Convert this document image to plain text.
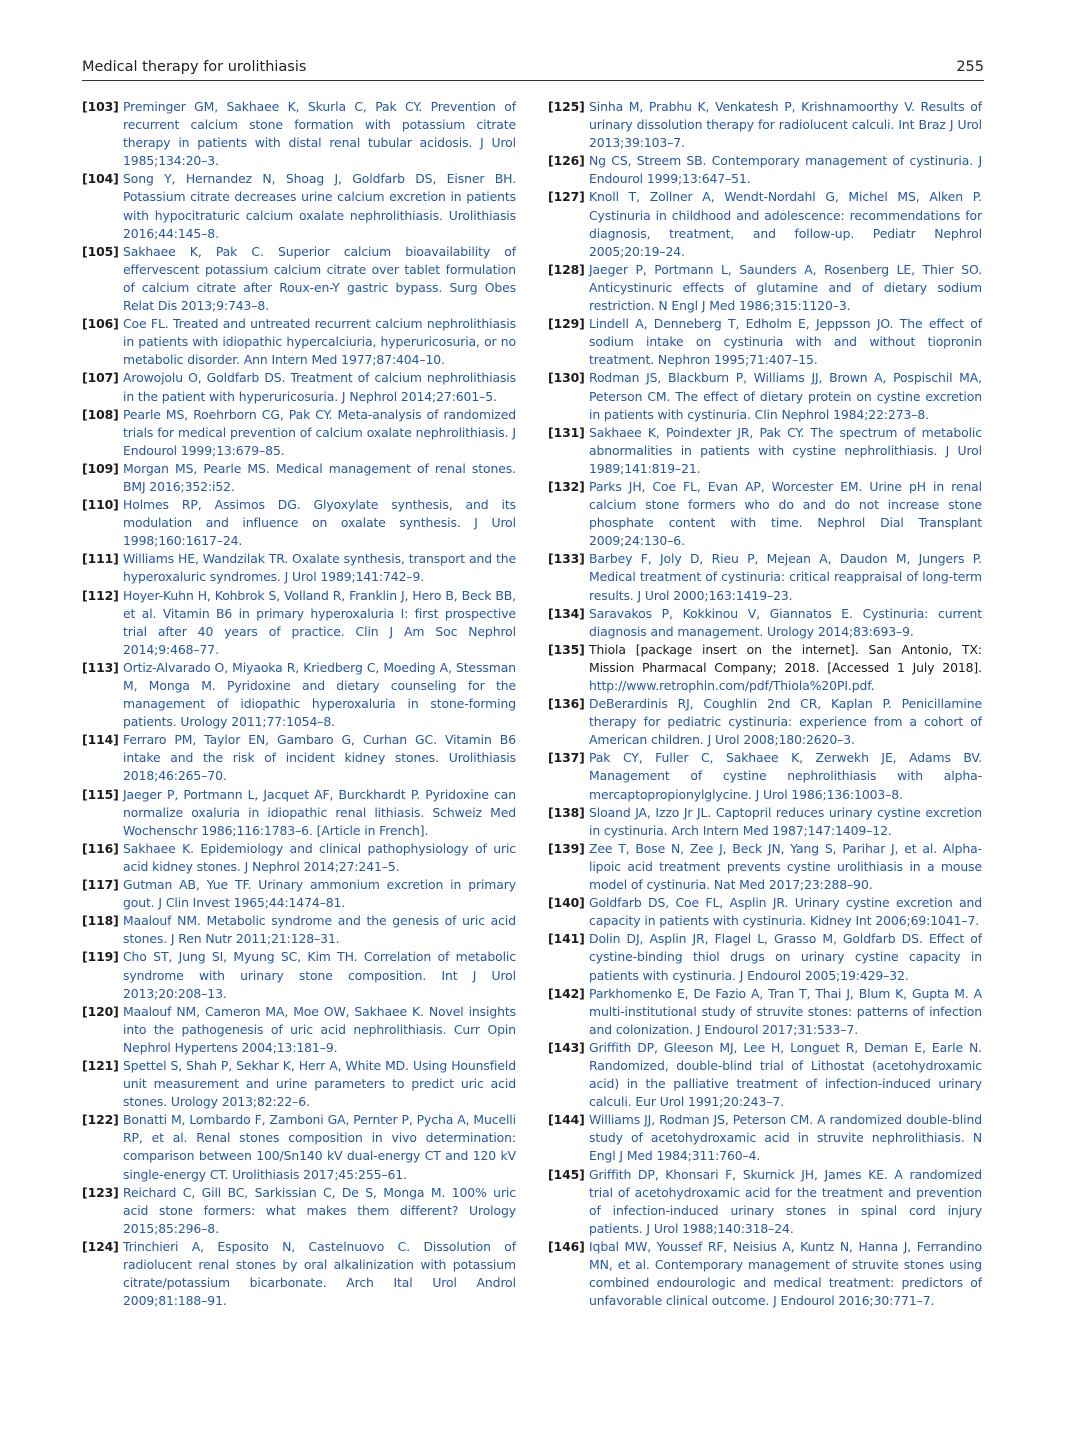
Medical therapy for urolithiasis	255
[103] Preminger GM, Sakhaee K, Skurla C, Pak CY. Prevention of recurrent calcium stone formation with potassium citrate therapy in patients with distal renal tubular acidosis. J Urol 1985;134:20–3.
[104] Song Y, Hernandez N, Shoag J, Goldfarb DS, Eisner BH. Potassium citrate decreases urine calcium excretion in patients with hypocitraturic calcium oxalate nephrolithiasis. Urolithiasis 2016;44:145–8.
[105] Sakhaee K, Pak C. Superior calcium bioavailability of effervescent potassium calcium citrate over tablet formulation of calcium citrate after Roux-en-Y gastric bypass. Surg Obes Relat Dis 2013;9:743–8.
[106] Coe FL. Treated and untreated recurrent calcium nephrolithiasis in patients with idiopathic hypercalciuria, hyperuricosuria, or no metabolic disorder. Ann Intern Med 1977;87:404–10.
[107] Arowojolu O, Goldfarb DS. Treatment of calcium nephrolithiasis in the patient with hyperuricosuria. J Nephrol 2014;27:601–5.
[108] Pearle MS, Roehrborn CG, Pak CY. Meta-analysis of randomized trials for medical prevention of calcium oxalate nephrolithiasis. J Endourol 1999;13:679–85.
[109] Morgan MS, Pearle MS. Medical management of renal stones. BMJ 2016;352:i52.
[110] Holmes RP, Assimos DG. Glyoxylate synthesis, and its modulation and influence on oxalate synthesis. J Urol 1998;160:1617–24.
[111] Williams HE, Wandzilak TR. Oxalate synthesis, transport and the hyperoxaluric syndromes. J Urol 1989;141:742–9.
[112] Hoyer-Kuhn H, Kohbrok S, Volland R, Franklin J, Hero B, Beck BB, et al. Vitamin B6 in primary hyperoxaluria I: first prospective trial after 40 years of practice. Clin J Am Soc Nephrol 2014;9:468–77.
[113] Ortiz-Alvarado O, Miyaoka R, Kriedberg C, Moeding A, Stessman M, Monga M. Pyridoxine and dietary counseling for the management of idiopathic hyperoxaluria in stone-forming patients. Urology 2011;77:1054–8.
[114] Ferraro PM, Taylor EN, Gambaro G, Curhan GC. Vitamin B6 intake and the risk of incident kidney stones. Urolithiasis 2018;46:265–70.
[115] Jaeger P, Portmann L, Jacquet AF, Burckhardt P. Pyridoxine can normalize oxaluria in idiopathic renal lithiasis. Schweiz Med Wochenschr 1986;116:1783–6. [Article in French].
[116] Sakhaee K. Epidemiology and clinical pathophysiology of uric acid kidney stones. J Nephrol 2014;27:241–5.
[117] Gutman AB, Yue TF. Urinary ammonium excretion in primary gout. J Clin Invest 1965;44:1474–81.
[118] Maalouf NM. Metabolic syndrome and the genesis of uric acid stones. J Ren Nutr 2011;21:128–31.
[119] Cho ST, Jung SI, Myung SC, Kim TH. Correlation of metabolic syndrome with urinary stone composition. Int J Urol 2013;20:208–13.
[120] Maalouf NM, Cameron MA, Moe OW, Sakhaee K. Novel insights into the pathogenesis of uric acid nephrolithiasis. Curr Opin Nephrol Hypertens 2004;13:181–9.
[121] Spettel S, Shah P, Sekhar K, Herr A, White MD. Using Hounsfield unit measurement and urine parameters to predict uric acid stones. Urology 2013;82:22–6.
[122] Bonatti M, Lombardo F, Zamboni GA, Pernter P, Pycha A, Mucelli RP, et al. Renal stones composition in vivo determination: comparison between 100/Sn140 kV dual-energy CT and 120 kV single-energy CT. Urolithiasis 2017;45:255–61.
[123] Reichard C, Gill BC, Sarkissian C, De S, Monga M. 100% uric acid stone formers: what makes them different? Urology 2015;85:296–8.
[124] Trinchieri A, Esposito N, Castelnuovo C. Dissolution of radiolucent renal stones by oral alkalinization with potassium citrate/potassium bicarbonate. Arch Ital Urol Androl 2009;81:188–91.
[125] Sinha M, Prabhu K, Venkatesh P, Krishnamoorthy V. Results of urinary dissolution therapy for radiolucent calculi. Int Braz J Urol 2013;39:103–7.
[126] Ng CS, Streem SB. Contemporary management of cystinuria. J Endourol 1999;13:647–51.
[127] Knoll T, Zollner A, Wendt-Nordahl G, Michel MS, Alken P. Cystinuria in childhood and adolescence: recommendations for diagnosis, treatment, and follow-up. Pediatr Nephrol 2005;20:19–24.
[128] Jaeger P, Portmann L, Saunders A, Rosenberg LE, Thier SO. Anticystinuric effects of glutamine and of dietary sodium restriction. N Engl J Med 1986;315:1120–3.
[129] Lindell A, Denneberg T, Edholm E, Jeppsson JO. The effect of sodium intake on cystinuria with and without tiopronin treatment. Nephron 1995;71:407–15.
[130] Rodman JS, Blackburn P, Williams JJ, Brown A, Pospischil MA, Peterson CM. The effect of dietary protein on cystine excretion in patients with cystinuria. Clin Nephrol 1984;22:273–8.
[131] Sakhaee K, Poindexter JR, Pak CY. The spectrum of metabolic abnormalities in patients with cystine nephrolithiasis. J Urol 1989;141:819–21.
[132] Parks JH, Coe FL, Evan AP, Worcester EM. Urine pH in renal calcium stone formers who do and do not increase stone phosphate content with time. Nephrol Dial Transplant 2009;24:130–6.
[133] Barbey F, Joly D, Rieu P, Mejean A, Daudon M, Jungers P. Medical treatment of cystinuria: critical reappraisal of long-term results. J Urol 2000;163:1419–23.
[134] Saravakos P, Kokkinou V, Giannatos E. Cystinuria: current diagnosis and management. Urology 2014;83:693–9.
[135] Thiola [package insert on the internet]. San Antonio, TX: Mission Pharmacal Company; 2018. [Accessed 1 July 2018]. http://www.retrophin.com/pdf/Thiola%20PI.pdf.
[136] DeBerardinis RJ, Coughlin 2nd CR, Kaplan P. Penicillamine therapy for pediatric cystinuria: experience from a cohort of American children. J Urol 2008;180:2620–3.
[137] Pak CY, Fuller C, Sakhaee K, Zerwekh JE, Adams BV. Management of cystine nephrolithiasis with alpha-mercaptopropionylglycine. J Urol 1986;136:1003–8.
[138] Sloand JA, Izzo Jr JL. Captopril reduces urinary cystine excretion in cystinuria. Arch Intern Med 1987;147:1409–12.
[139] Zee T, Bose N, Zee J, Beck JN, Yang S, Parihar J, et al. Alpha-lipoic acid treatment prevents cystine urolithiasis in a mouse model of cystinuria. Nat Med 2017;23:288–90.
[140] Goldfarb DS, Coe FL, Asplin JR. Urinary cystine excretion and capacity in patients with cystinuria. Kidney Int 2006;69:1041–7.
[141] Dolin DJ, Asplin JR, Flagel L, Grasso M, Goldfarb DS. Effect of cystine-binding thiol drugs on urinary cystine capacity in patients with cystinuria. J Endourol 2005;19:429–32.
[142] Parkhomenko E, De Fazio A, Tran T, Thai J, Blum K, Gupta M. A multi-institutional study of struvite stones: patterns of infection and colonization. J Endourol 2017;31:533–7.
[143] Griffith DP, Gleeson MJ, Lee H, Longuet R, Deman E, Earle N. Randomized, double-blind trial of Lithostat (acetohydroxamic acid) in the palliative treatment of infection-induced urinary calculi. Eur Urol 1991;20:243–7.
[144] Williams JJ, Rodman JS, Peterson CM. A randomized double-blind study of acetohydroxamic acid in struvite nephrolithiasis. N Engl J Med 1984;311:760–4.
[145] Griffith DP, Khonsari F, Skurnick JH, James KE. A randomized trial of acetohydroxamic acid for the treatment and prevention of infection-induced urinary stones in spinal cord injury patients. J Urol 1988;140:318–24.
[146] Iqbal MW, Youssef RF, Neisius A, Kuntz N, Hanna J, Ferrandino MN, et al. Contemporary management of struvite stones using combined endourologic and medical treatment: predictors of unfavorable clinical outcome. J Endourol 2016;30:771–7.
